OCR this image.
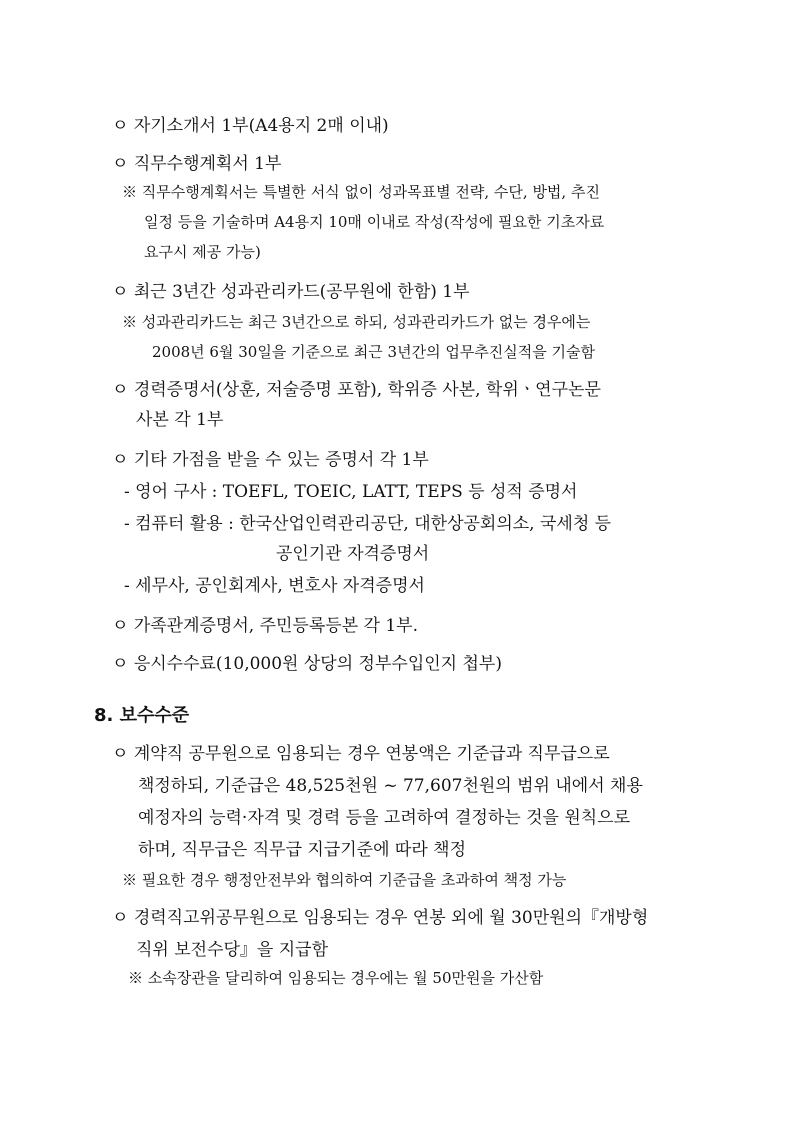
ㅇ 자기소개서 1부(A4용지 2매 이내)
ㅇ 직무수행계획서 1부
※ 직무수행계획서는 특별한 서식 없이 성과목표별 전략, 수단, 방법, 추진
일정 등을 기술하며 A4용지 10매 이내로 작성(작성에 필요한 기초자료
요구시 제공 가능)
ㅇ 최근 3년간 성과관리카드(공무원에 한함) 1부
※ 성과관리카드는 최근 3년간으로 하되, 성과관리카드가 없는 경우에는
2008년 6월 30일을 기준으로 최근 3년간의 업무추진실적을 기술함
ㅇ 경력증명서(상훈, 저술증명 포함), 학위증 사본, 학위ㆍ연구논문
사본 각 1부
ㅇ 기타 가점을 받을 수 있는 증명서 각 1부
- 영어 구사 : TOEFL, TOEIC, LATT, TEPS 등 성적 증명서
- 컴퓨터 활용 : 한국산업인력관리공단, 대한상공회의소, 국세청 등
공인기관 자격증명서
- 세무사, 공인회계사, 변호사 자격증명서
ㅇ 가족관계증명서, 주민등록등본 각 1부.
ㅇ 응시수수료(10,000원 상당의 정부수입인지 첩부)
8. 보수수준
ㅇ 계약직 공무원으로 임용되는 경우 연봉액은 기준급과 직무급으로
책정하되, 기준급은 48,525천원 ~ 77,607천원의 범위 내에서 채용
예정자의 능력·자격 및 경력 등을 고려하여 결정하는 것을 원칙으로
하며, 직무급은 직무급 지급기준에 따라 책정
※ 필요한 경우 행정안전부와 협의하여 기준급을 초과하여 책정 가능
ㅇ 경력직고위공무원으로 임용되는 경우 연봉 외에 월 30만원의『개방형
직위 보전수당』을 지급함
※ 소속장관을 달리하여 임용되는 경우에는 월 50만원을 가산함
